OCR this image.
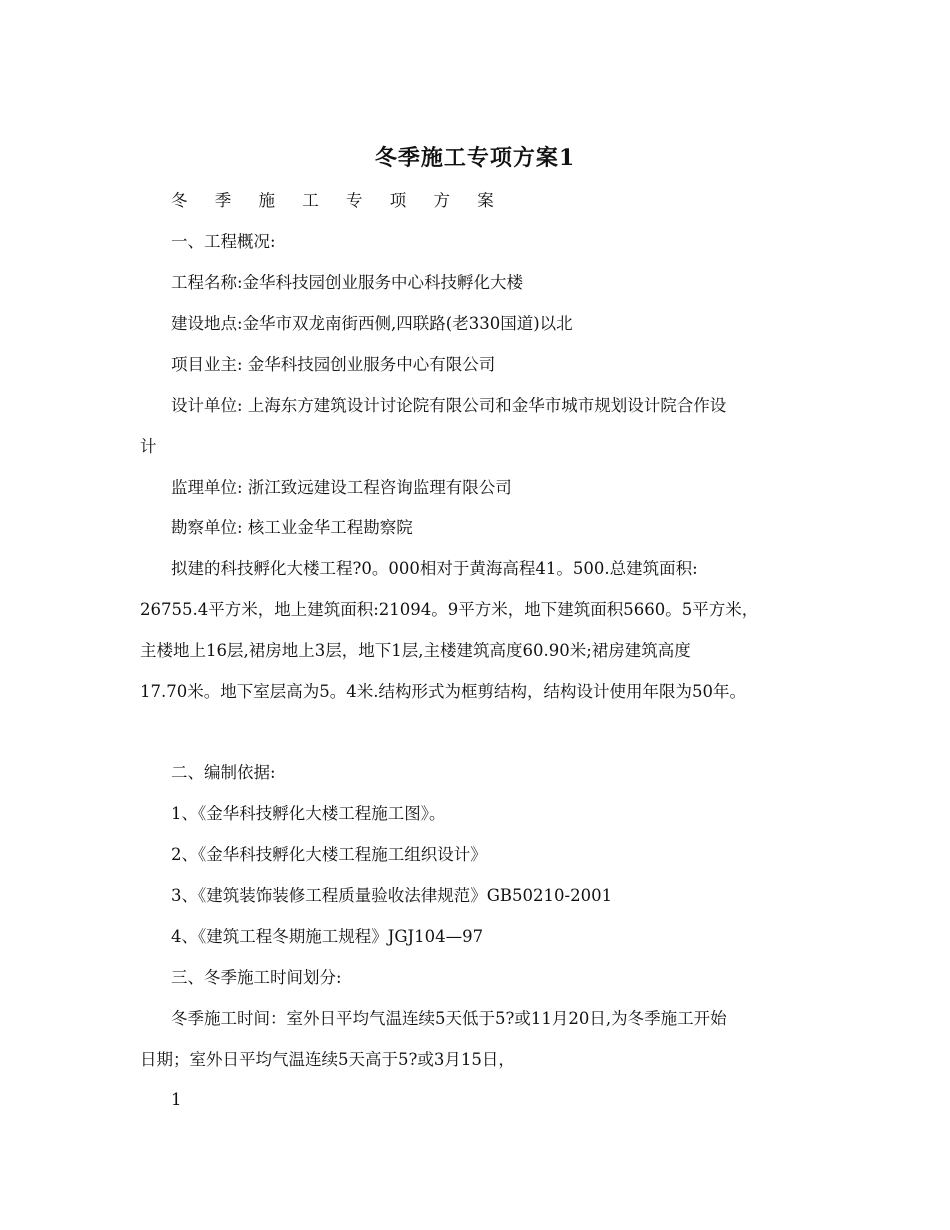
冬季施工专项方案1
冬 季 施 工 专 项 方 案
一、工程概况:
工程名称:金华科技园创业服务中心科技孵化大楼
建设地点:金华市双龙南街西侧,四联路(老330国道)以北
项目业主: 金华科技园创业服务中心有限公司
设计单位: 上海东方建筑设计讨论院有限公司和金华市城市规划设计院合作设
计
监理单位: 浙江致远建设工程咨询监理有限公司
勘察单位: 核工业金华工程勘察院
拟建的科技孵化大楼工程?0。000相对于黄海高程41。500.总建筑面积:
26755.4平方米，地上建筑面积:21094。9平方米，地下建筑面积5660。5平方米，
主楼地上16层,裙房地上3层，地下1层,主楼建筑高度60.90米;裙房建筑高度
17.70米。地下室层高为5。4米.结构形式为框剪结构，结构设计使用年限为50年。
二、编制依据:
1、《金华科技孵化大楼工程施工图》。
2、《金华科技孵化大楼工程施工组织设计》
3、《建筑装饰装修工程质量验收法律规范》GB50210-2001
4、《建筑工程冬期施工规程》JGJ104—97
三、冬季施工时间划分:
冬季施工时间：室外日平均气温连续5天低于5?或11月20日,为冬季施工开始
日期；室外日平均气温连续5天高于5?或3月15日，
1
